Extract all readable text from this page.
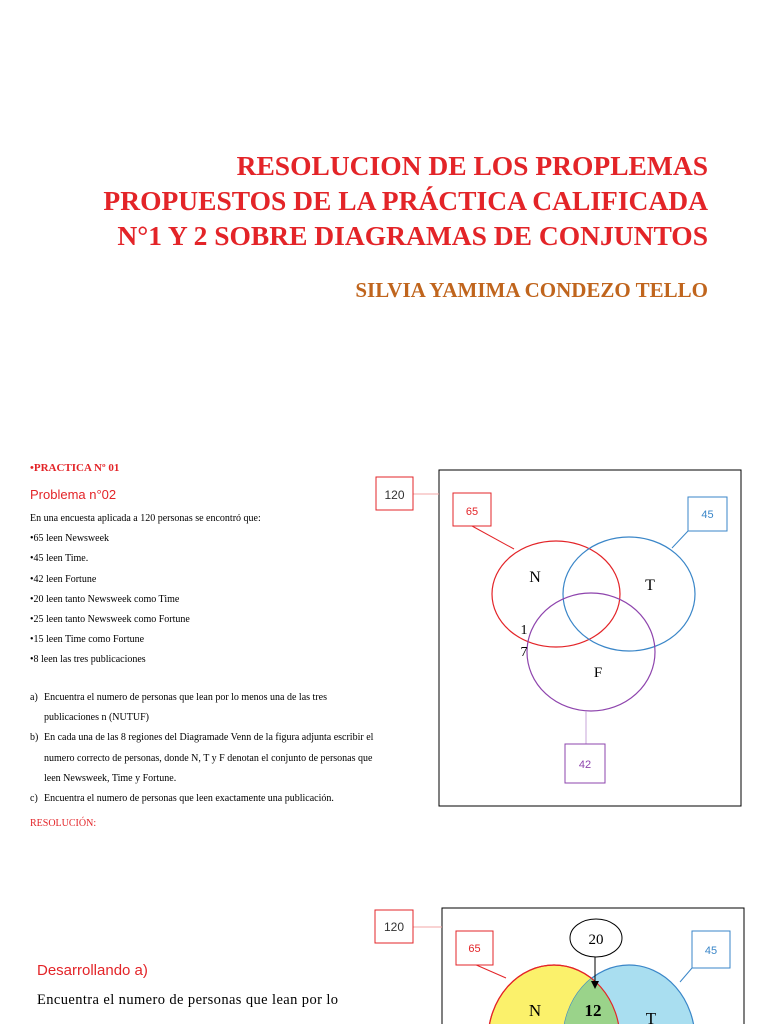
RESOLUCION DE LOS PROPLEMAS
PROPUESTOS DE LA PRÁCTICA CALIFICADA
N°1 Y 2 SOBRE DIAGRAMAS DE CONJUNTOS
SILVIA YAMIMA CONDEZO TELLO
•PRACTICA Nº 01
Problema n°02
En una encuesta aplicada a 120 personas se encontró que:
•65 leen Newsweek
•45 leen Time.
•42 leen Fortune
•20 leen tanto Newsweek como Time
•25 leen tanto Newsweek como Fortune
•15 leen Time como Fortune
•8 leen las tres publicaciones
a) Encuentra el numero de personas que lean por lo menos una de las tres
publicaciones n (NUTUF)
b) En cada una de las 8 regiones del Diagramade Venn de la figura adjunta escribir el
numero correcto de personas, donde N, T y F denotan el conjunto de personas que
leen Newsweek, Time y Fortune.
c) Encuentra el numero de personas que leen exactamente una publicación.
RESOLUCIÓN:
Desarrollando a)
Encuentra el numero de personas que lean por lo
120
65	45
42
N	T
F
1
7
120
65	45
20
N	12	T
